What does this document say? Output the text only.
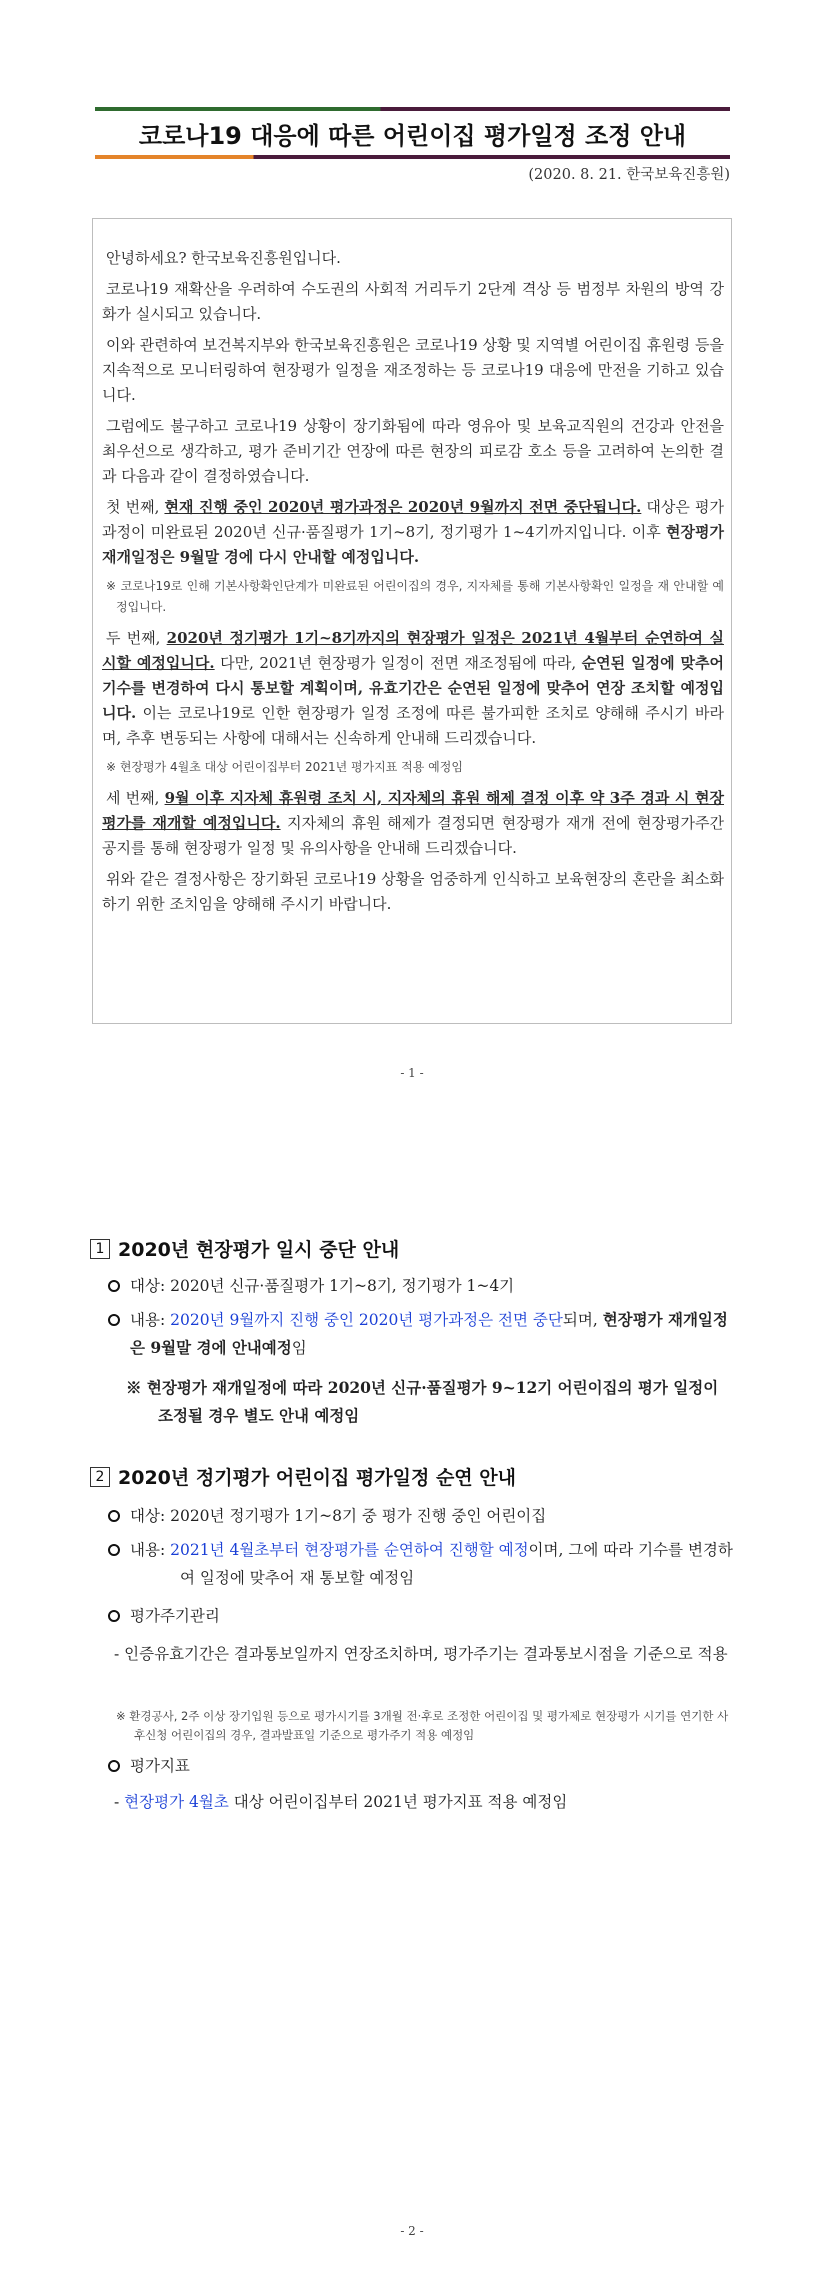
코로나19 대응에 따른 어린이집 평가일정 조정 안내
(2020. 8. 21. 한국보육진흥원)

안녕하세요? 한국보육진흥원입니다.

코로나19 재확산을 우려하여 수도권의 사회적 거리두기 2단계 격상 등 범정부 차원의 방역 강화가 실시되고 있습니다.

이와 관련하여 보건복지부와 한국보육진흥원은 코로나19 상황 및 지역별 어린이집 휴원령 등을 지속적으로 모니터링하여 현장평가 일정을 재조정하는 등 코로나19 대응에 만전을 기하고 있습니다.

그럼에도 불구하고 코로나19 상황이 장기화됨에 따라 영유아 및 보육교직원의 건강과 안전을 최우선으로 생각하고, 평가 준비기간 연장에 따른 현장의 피로감 호소 등을 고려하여 논의한 결과 다음과 같이 결정하였습니다.

첫 번째, 현재 진행 중인 2020년 평가과정은 2020년 9월까지 전면 중단됩니다. 대상은 평가과정이 미완료된 2020년 신규·품질평가 1기~8기, 정기평가 1~4기까지입니다. 이후 현장평가 재개일정은 9월말 경에 다시 안내할 예정입니다.

※ 코로나19로 인해 기본사항확인단계가 미완료된 어린이집의 경우, 지자체를 통해 기본사항확인 일정을 재 안내할 예정입니다.

두 번째, 2020년 정기평가 1기~8기까지의 현장평가 일정은 2021년 4월부터 순연하여 실시할 예정입니다. 다만, 2021년 현장평가 일정이 전면 재조정됨에 따라, 순연된 일정에 맞추어 기수를 변경하여 다시 통보할 계획이며, 유효기간은 순연된 일정에 맞추어 연장 조치할 예정입니다. 이는 코로나19로 인한 현장평가 일정 조정에 따른 불가피한 조치로 양해해 주시기 바라며, 추후 변동되는 사항에 대해서는 신속하게 안내해 드리겠습니다.

※ 현장평가 4월초 대상 어린이집부터 2021년 평가지표 적용 예정임

세 번째, 9월 이후 지자체 휴원령 조치 시, 지자체의 휴원 해제 결정 이후 약 3주 경과 시 현장평가를 재개할 예정입니다. 지자체의 휴원 해제가 결정되면 현장평가 재개 전에 현장평가주간 공지를 통해 현장평가 일정 및 유의사항을 안내해 드리겠습니다.

위와 같은 결정사항은 장기화된 코로나19 상황을 엄중하게 인식하고 보육현장의 혼란을 최소화하기 위한 조치임을 양해해 주시기 바랍니다.

- 1 -
1 2020년 현장평가 일시 중단 안내
대상: 2020년 신규·품질평가 1기~8기, 정기평가 1~4기
내용: 2020년 9월까지 진행 중인 2020년 평가과정은 전면 중단되며, 현장평가 재개일정은 9월말 경에 안내예정임
※ 현장평가 재개일정에 따라 2020년 신규·품질평가 9~12기 어린이집의 평가 일정이 조정될 경우 별도 안내 예정임
2 2020년 정기평가 어린이집 평가일정 순연 안내
대상: 2020년 정기평가 1기~8기 중 평가 진행 중인 어린이집
내용: 2021년 4월초부터 현장평가를 순연하여 진행할 예정이며, 그에 따라 기수를 변경하여 일정에 맞추어 재 통보할 예정임
평가주기관리
- 인증유효기간은 결과통보일까지 연장조치하며, 평가주기는 결과통보시점을 기준으로 적용
※ 환경공사, 2주 이상 장기입원 등으로 평가시기를 3개월 전·후로 조정한 어린이집 및 평가제로 현장평가 시기를 연기한 사후신청 어린이집의 경우, 결과발표일 기준으로 평가주기 적용 예정임
평가지표
- 현장평가 4월초 대상 어린이집부터 2021년 평가지표 적용 예정임
- 2 -
